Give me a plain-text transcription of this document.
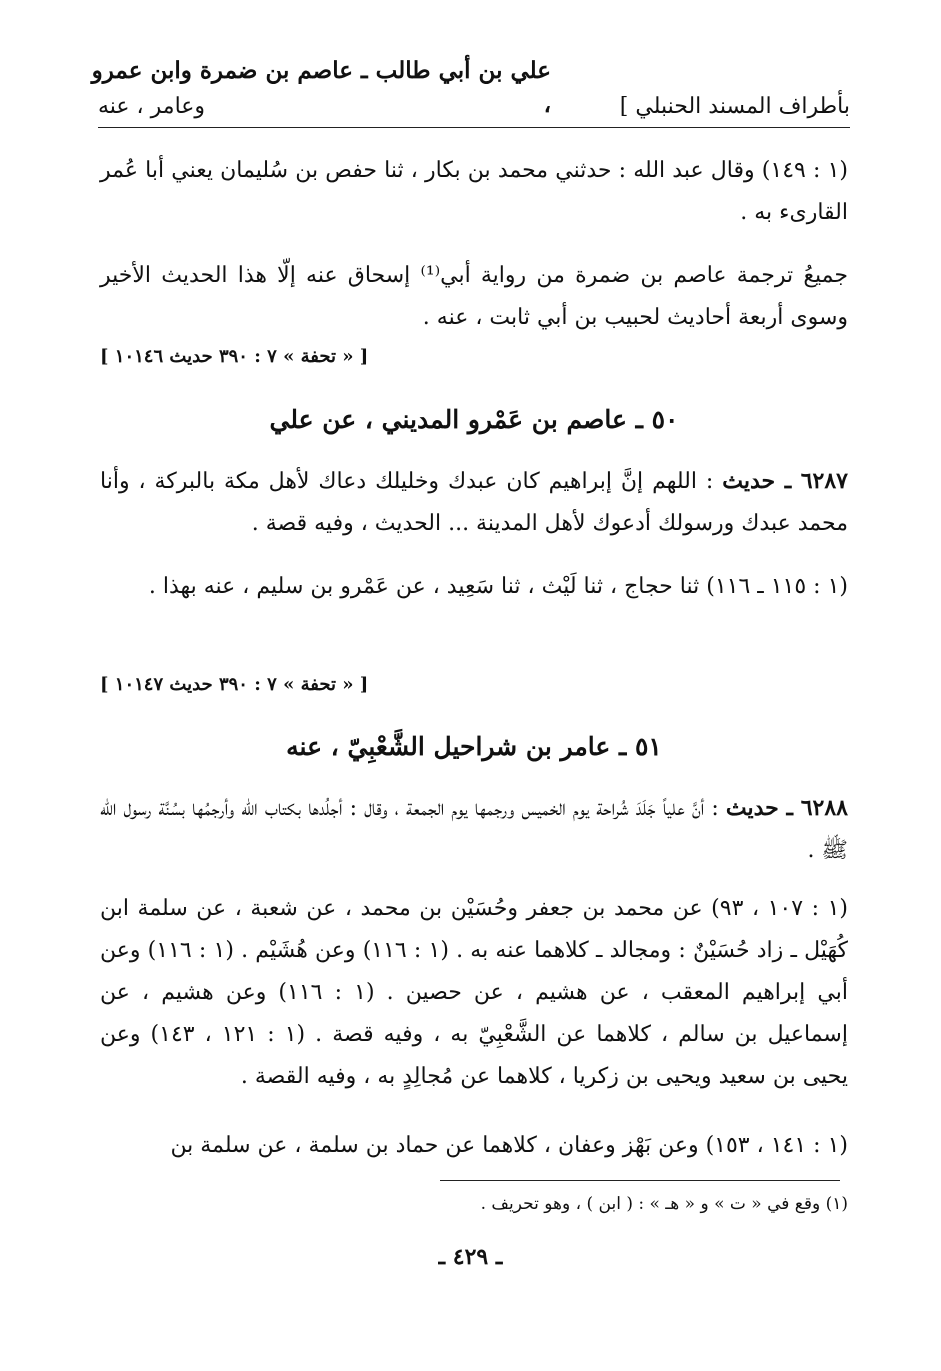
علي بن أبي طالب ـ عاصم بن ضمرة وابن عمرو ،	بأطراف المسند الحنبلي ]
وعامر ، عنه
(١ : ١٤٩) وقال عبد الله : حدثني محمد بن بكار ، ثنا حفص بن سُليمان يعني أبا عُمر القارىء به .
جميعُ ترجمة عاصم بن ضمرة من رواية أبي⁽¹⁾ إسحاق عنه إلّا هذا الحديث الأخير وسوى أربعة أحاديث لحبيب بن أبي ثابت ، عنه .
[ « تحفة » ٧ : ٣٩٠ حديث ١٠١٤٦ ]
٥٠ ـ عاصم بن عَمْرو المديني ، عن علي
٦٢٨٧ ـ حديث : اللهم إنَّ إبراهيم كان عبدك وخليلك دعاك لأهل مكة بالبركة ، وأنا محمد عبدك ورسولك أدعوك لأهل المدينة ... الحديث ، وفيه قصة .
(١ : ١١٥ ـ ١١٦) ثنا حجاج ، ثنا لَيْث ، ثنا سَعِيد ، عن عَمْرو بن سليم ، عنه بهذا .
[ « تحفة » ٧ : ٣٩٠ حديث ١٠١٤٧ ]
٥١ ـ عامر بن شراحيل الشَّعْبِيّ ، عنه
٦٢٨٨ ـ حديث : أنَّ علياً جَلَدَ شُراحة يوم الخميس ورجمها يوم الجمعة ، وقال : أجلُدها بكتاب الله وأرجمُها بسُنَّة رسول الله ﷺ .
(١ : ١٠٧ ، ٩٣) عن محمد بن جعفر وحُسَيْن بن محمد ، عن شعبة ، عن سلمة ابن كُهَيْل ـ زاد حُسَيْنٌ : ومجالد ـ كلاهما عنه به . (١ : ١١٦) وعن هُشَيْم . (١ : ١١٦) وعن أبي إبراهيم المعقب ، عن هشيم ، عن حصين . (١ : ١١٦) وعن هشيم ، عن إسماعيل بن سالم ، كلاهما عن الشَّعْبِيّ به ، وفيه قصة . (١ : ١٢١ ، ١٤٣) وعن يحيى بن سعيد ويحيى بن زكريا ، كلاهما عن مُجالِدٍ به ، وفيه القصة .
(١ : ١٤١ ، ١٥٣) وعن بَهْز وعفان ، كلاهما عن حماد بن سلمة ، عن سلمة بن
(١) وقع في « ت » و « هـ » : ( ابن ) ، وهو تحريف .
ـ ٤٢٩ ـ
